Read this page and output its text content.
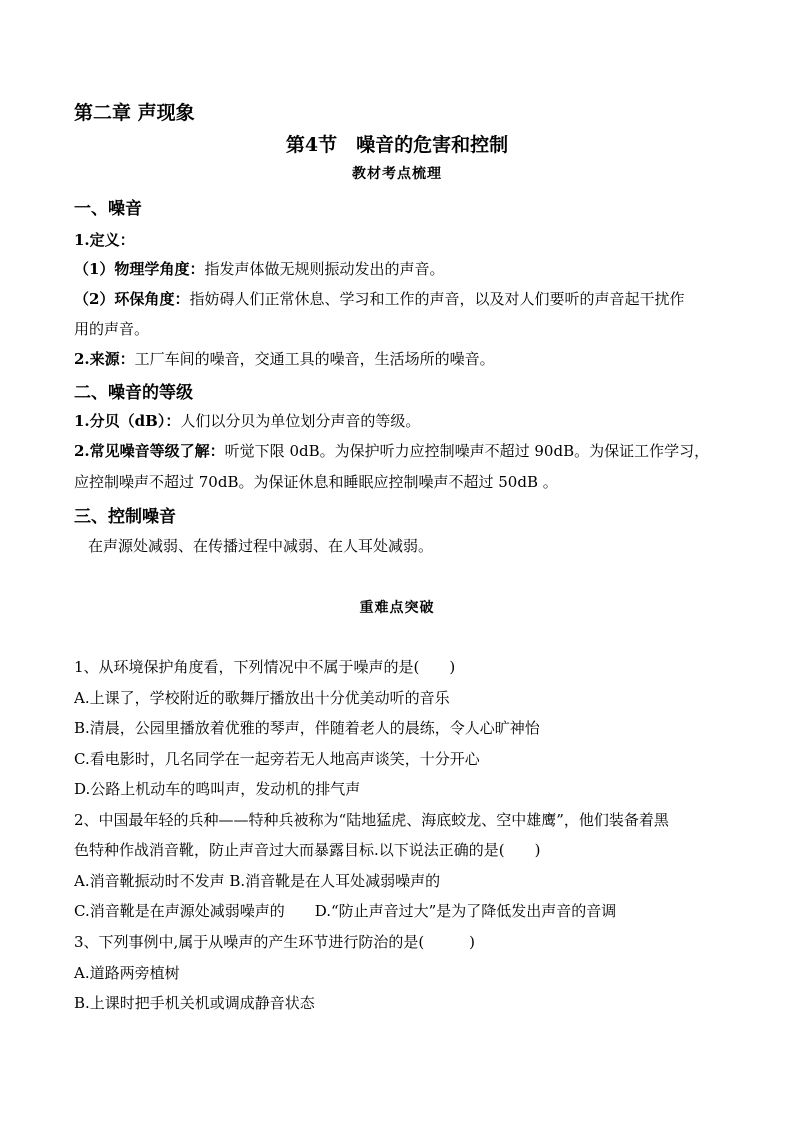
第二章 声现象
第4节　噪音的危害和控制
教材考点梳理
一、噪音
1.定义：
（1）物理学角度：指发声体做无规则振动发出的声音。
（2）环保角度：指妨碍人们正常休息、学习和工作的声音，以及对人们要听的声音起干扰作
用的声音。
2.来源：工厂车间的噪音，交通工具的噪音，生活场所的噪音。
二、噪音的等级
1.分贝（dB）：人们以分贝为单位划分声音的等级。
2.常见噪音等级了解：听觉下限 0dB。为保护听力应控制噪声不超过 90dB。为保证工作学习，
应控制噪声不超过 70dB。为保证休息和睡眠应控制噪声不超过 50dB 。
三、控制噪音
在声源处减弱、在传播过程中减弱、在人耳处减弱。
重难点突破
1、从环境保护角度看，下列情况中不属于噪声的是(　　)
A.上课了，学校附近的歌舞厅播放出十分优美动听的音乐
B.清晨，公园里播放着优雅的琴声，伴随着老人的晨练，令人心旷神怡
C.看电影时，几名同学在一起旁若无人地高声谈笑，十分开心
D.公路上机动车的鸣叫声，发动机的排气声
2、中国最年轻的兵种——特种兵被称为“陆地猛虎、海底蛟龙、空中雄鹰”，他们装备着黑
色特种作战消音靴，防止声音过大而暴露目标.以下说法正确的是(　　)
A.消音靴振动时不发声 B.消音靴是在人耳处减弱噪声的
C.消音靴是在声源处减弱噪声的　　D.“防止声音过大”是为了降低发出声音的音调
3、下列事例中,属于从噪声的产生环节进行防治的是(　　　)
A.道路两旁植树
B.上课时把手机关机或调成静音状态
